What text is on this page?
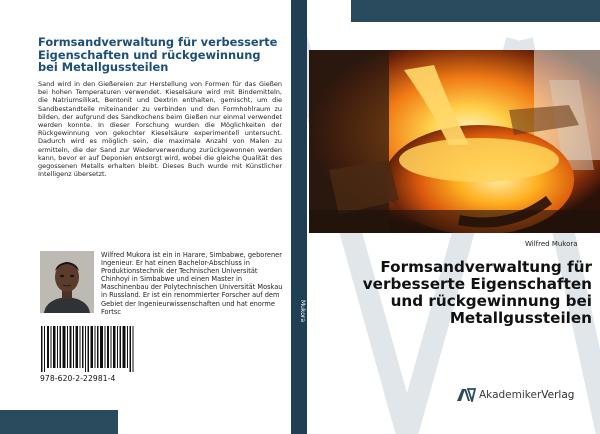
Formsandverwaltung für verbesserte Eigenschaften und rückgewinnung bei Metallgussteilen

Sand wird in den Gießereien zur Herstellung von Formen für das Gießen bei hohen Temperaturen verwendet. Kieselsäure wird mit Bindemitteln, die Natriumsilikat, Bentonit und Dextrin enthalten, gemischt, um die Sandbestandteile miteinander zu verbinden und den Formhohlraum zu bilden, der aufgrund des Sandkochens beim Gießen nur einmal verwendet werden konnte. In dieser Forschung wurden die Möglichkeiten der Rückgewinnung von gekochter Kieselsäure experimentell untersucht. Dadurch wird es möglich sein, die maximale Anzahl von Malen zu ermitteln, die der Sand zur Wiederverwendung zurückgewonnen werden kann, bevor er auf Deponien entsorgt wird, wobei die gleiche Qualität des gegossenen Metalls erhalten bleibt. Dieses Buch wurde mit Künstlicher Intelligenz übersetzt.

Wilfred Mukora ist ein in Harare, Simbabwe, geborener Ingenieur. Er hat einen Bachelor-Abschluss in Produktionstechnik der Technischen Universität Chinhoyi in Simbabwe und einen Master in Maschinenbau der Polytechnischen Universität Moskau in Russland. Er ist ein renommierter Forscher auf dem Gebiet der Ingenieurwissenschaften und hat enorme Fortsc

978-620-2-22981-4
Mukora
Wilfred Mukora
Formsandverwaltung für verbesserte Eigenschaften und rückgewinnung bei Metallgussteilen
AkademikerVerlag
